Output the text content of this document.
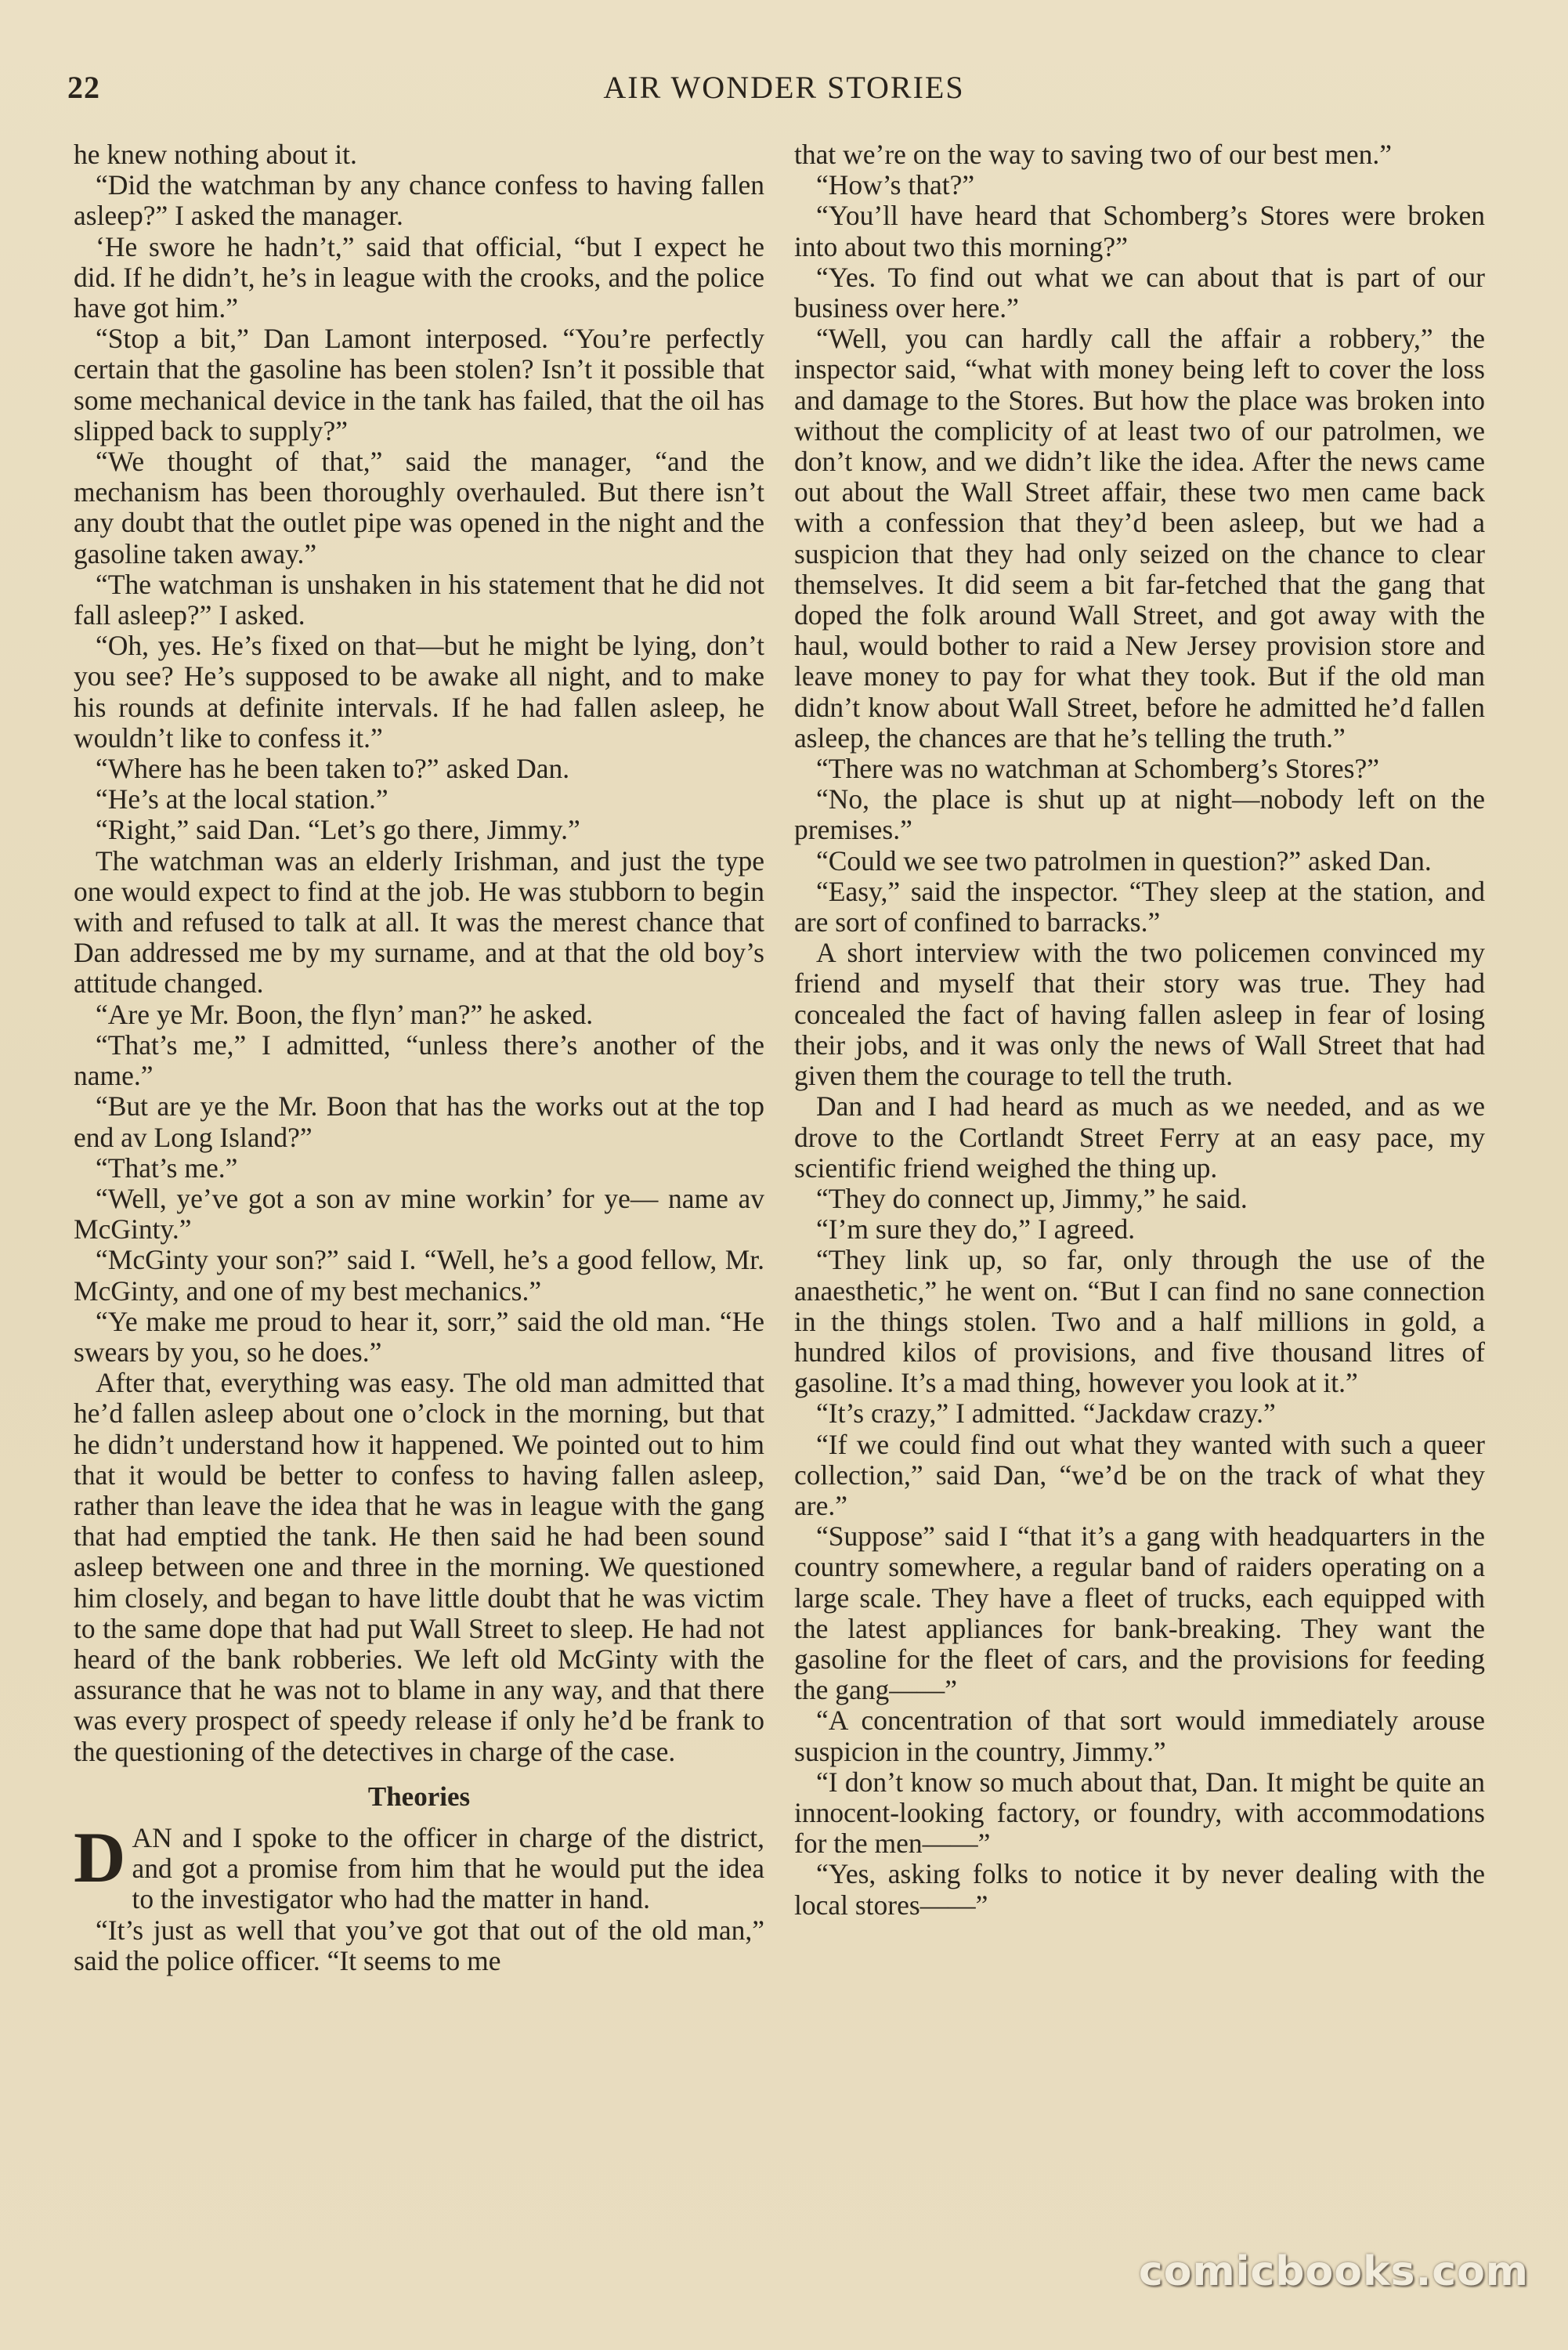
22	AIR WONDER STORIES

he knew nothing about it.

“Did the watchman by any chance confess to having fallen asleep?” I asked the manager.

‘He swore he hadn’t,” said that official, “but I expect he did. If he didn’t, he’s in league with the crooks, and the police have got him.”

“Stop a bit,” Dan Lamont interposed. “You’re perfectly certain that the gasoline has been stolen? Isn’t it possible that some mechanical device in the tank has failed, that the oil has slipped back to supply?”

“We thought of that,” said the manager, “and the mechanism has been thoroughly overhauled. But there isn’t any doubt that the outlet pipe was opened in the night and the gasoline taken away.”

“The watchman is unshaken in his statement that he did not fall asleep?” I asked.

“Oh, yes. He’s fixed on that—but he might be lying, don’t you see? He’s supposed to be awake all night, and to make his rounds at definite intervals. If he had fallen asleep, he wouldn’t like to confess it.”

“Where has he been taken to?” asked Dan.

“He’s at the local station.”

“Right,” said Dan. “Let’s go there, Jimmy.”

The watchman was an elderly Irishman, and just the type one would expect to find at the job. He was stubborn to begin with and refused to talk at all. It was the merest chance that Dan addressed me by my surname, and at that the old boy’s attitude changed.

“Are ye Mr. Boon, the flyn’ man?” he asked.

“That’s me,” I admitted, “unless there’s another of the name.”

“But are ye the Mr. Boon that has the works out at the top end av Long Island?”

“That’s me.”

“Well, ye’ve got a son av mine workin’ for ye— name av McGinty.”

“McGinty your son?” said I. “Well, he’s a good fellow, Mr. McGinty, and one of my best mechanics.”

“Ye make me proud to hear it, sorr,” said the old man. “He swears by you, so he does.”

After that, everything was easy. The old man admitted that he’d fallen asleep about one o’clock in the morning, but that he didn’t understand how it happened. We pointed out to him that it would be better to confess to having fallen asleep, rather than leave the idea that he was in league with the gang that had emptied the tank. He then said he had been sound asleep between one and three in the morning. We questioned him closely, and began to have little doubt that he was victim to the same dope that had put Wall Street to sleep. He had not heard of the bank robberies. We left old McGinty with the assurance that he was not to blame in any way, and that there was every prospect of speedy release if only he’d be frank to the questioning of the detectives in charge of the case.

Theories

DAN and I spoke to the officer in charge of the district, and got a promise from him that he would put the idea to the investigator who had the matter in hand.

“It’s just as well that you’ve got that out of the old man,” said the police officer. “It seems to me

that we’re on the way to saving two of our best men.”

“How’s that?”

“You’ll have heard that Schomberg’s Stores were broken into about two this morning?”

“Yes. To find out what we can about that is part of our business over here.”

“Well, you can hardly call the affair a robbery,” the inspector said, “what with money being left to cover the loss and damage to the Stores. But how the place was broken into without the complicity of at least two of our patrolmen, we don’t know, and we didn’t like the idea. After the news came out about the Wall Street affair, these two men came back with a confession that they’d been asleep, but we had a suspicion that they had only seized on the chance to clear themselves. It did seem a bit far-fetched that the gang that doped the folk around Wall Street, and got away with the haul, would bother to raid a New Jersey provision store and leave money to pay for what they took. But if the old man didn’t know about Wall Street, before he admitted he’d fallen asleep, the chances are that he’s telling the truth.”

“There was no watchman at Schomberg’s Stores?”

“No, the place is shut up at night—nobody left on the premises.”

“Could we see two patrolmen in question?” asked Dan.

“Easy,” said the inspector. “They sleep at the station, and are sort of confined to barracks.”

A short interview with the two policemen convinced my friend and myself that their story was true. They had concealed the fact of having fallen asleep in fear of losing their jobs, and it was only the news of Wall Street that had given them the courage to tell the truth.

Dan and I had heard as much as we needed, and as we drove to the Cortlandt Street Ferry at an easy pace, my scientific friend weighed the thing up.

“They do connect up, Jimmy,” he said.

“I’m sure they do,” I agreed.

“They link up, so far, only through the use of the anaesthetic,” he went on. “But I can find no sane connection in the things stolen. Two and a half millions in gold, a hundred kilos of provisions, and five thousand litres of gasoline. It’s a mad thing, however you look at it.”

“It’s crazy,” I admitted. “Jackdaw crazy.”

“If we could find out what they wanted with such a queer collection,” said Dan, “we’d be on the track of what they are.”

“Suppose” said I “that it’s a gang with headquarters in the country somewhere, a regular band of raiders operating on a large scale. They have a fleet of trucks, each equipped with the latest appliances for bank-breaking. They want the gasoline for the fleet of cars, and the provisions for feeding the gang——”

“A concentration of that sort would immediately arouse suspicion in the country, Jimmy.”

“I don’t know so much about that, Dan. It might be quite an innocent-looking factory, or foundry, with accommodations for the men——”

“Yes, asking folks to notice it by never dealing with the local stores——”

comicbooks.com
